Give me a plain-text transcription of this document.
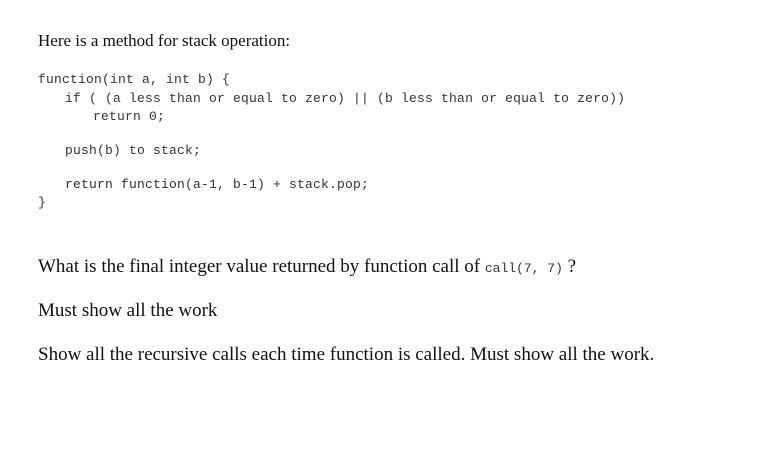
Here is a method for stack operation:
function(int a, int b) {
if ( (a less than or equal to zero) || (b less than or equal to zero))
return 0;
push(b) to stack;
return function(a-1, b-1) + stack.pop;
}
What is the final integer value returned by function call of call(7, 7) ?
Must show all the work
Show all the recursive calls each time function is called. Must show all the work.
